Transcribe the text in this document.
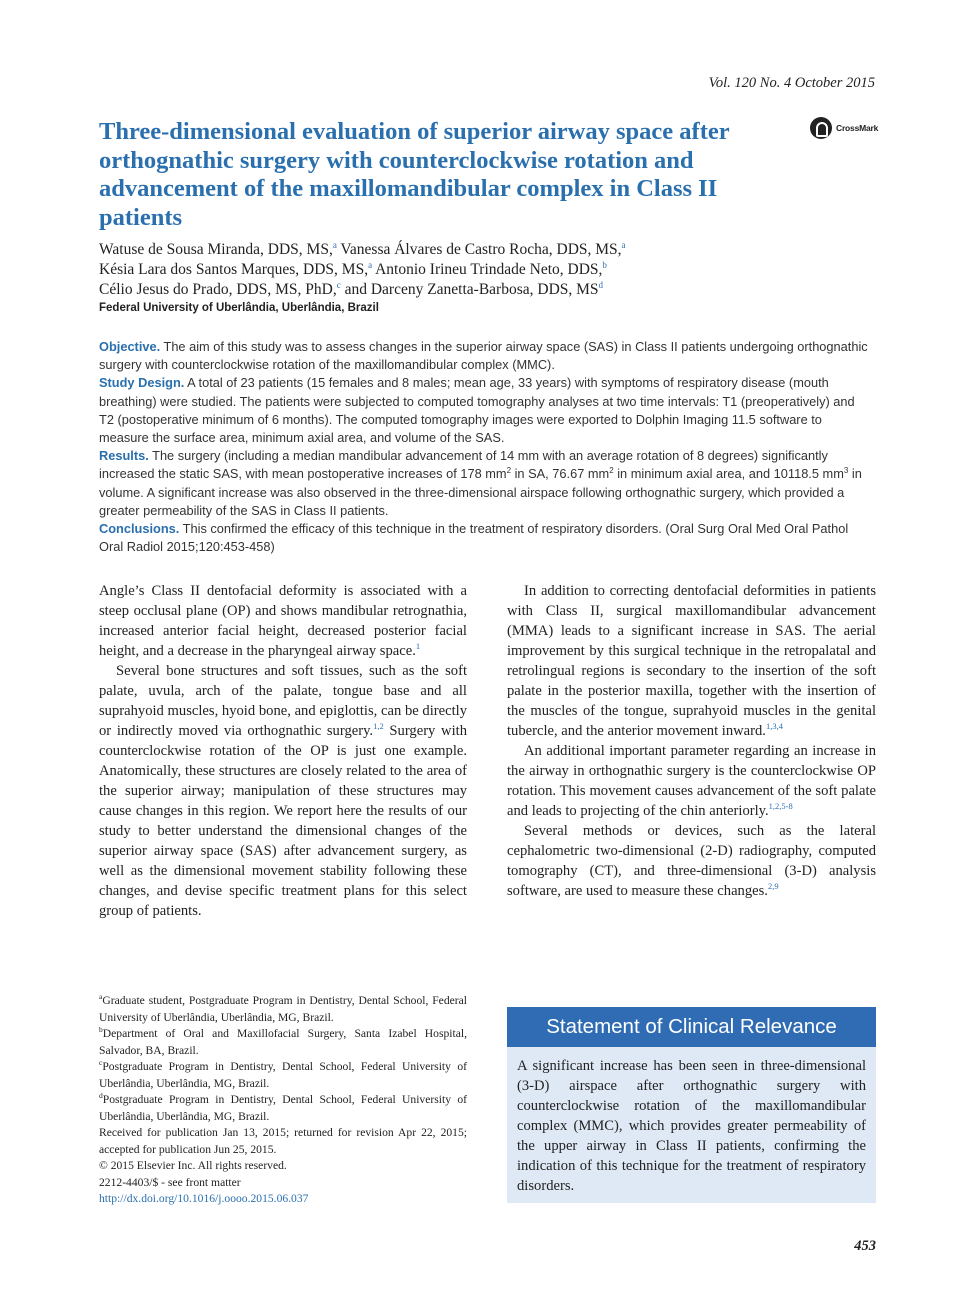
Vol. 120 No. 4 October 2015
Three-dimensional evaluation of superior airway space after orthognathic surgery with counterclockwise rotation and advancement of the maxillomandibular complex in Class II patients
CrossMark
Watuse de Sousa Miranda, DDS, MS,$^a$ Vanessa Álvares de Castro Rocha, DDS, MS,$^a$
Késia Lara dos Santos Marques, DDS, MS,$^a$ Antonio Irineu Trindade Neto, DDS,$^b$
Célio Jesus do Prado, DDS, MS, PhD,$^c$ and Darceny Zanetta-Barbosa, DDS, $MS^d$
Federal University of Uberlândia, Uberlândia, Brazil

Objective. The aim of this study was to assess changes in the superior airway space (SAS) in Class II patients undergoing orthognathic surgery with counterclockwise rotation of the maxillomandibular complex (MMC).

Study Design. A total of 23 patients (15 females and 8 males; mean age, 33 years) with symptoms of respiratory disease (mouth breathing) were studied. The patients were subjected to computed tomography analyses at two time intervals: T1 (preoperatively) and T2 (postoperative minimum of 6 months). The computed tomography images were exported to Dolphin Imaging 11.5 software to measure the surface area, minimum axial area, and volume of the SAS.

Results. The surgery (including a median mandibular advancement of 14 mm with an average rotation of 8 degrees) significantly increased the static SAS, with mean postoperative increases of 178 $mm^2$ in SA, 76.67 $mm^2$ in minimum axial area, and 10118.5 $mm^3$ in volume. A significant increase was also observed in the three-dimensional airspace following orthognathic surgery, which provided a greater permeability of the SAS in Class II patients.

Conclusions. This confirmed the efficacy of this technique in the treatment of respiratory disorders. (Oral Surg Oral Med Oral Pathol Oral Radiol 2015;120:453-458)

Angle’s Class II dentofacial deformity is associated with a steep occlusal plane (OP) and shows mandibular retrognathia, increased anterior facial height, decreased posterior facial height, and a decrease in the pharyngeal airway space.$^1$

Several bone structures and soft tissues, such as the soft palate, uvula, arch of the palate, tongue base and all suprahyoid muscles, hyoid bone, and epiglottis, can be directly or indirectly moved via orthognathic surgery.$^{1,2}$ Surgery with counterclockwise rotation of the OP is just one example. Anatomically, these structures are closely related to the area of the superior airway; manipulation of these structures may cause changes in this region. We report here the results of our study to better understand the dimensional changes of the superior airway space (SAS) after advancement surgery, as well as the dimensional movement stability following these changes, and devise specific treatment plans for this select group of patients.

In addition to correcting dentofacial deformities in patients with Class II, surgical maxillomandibular advancement (MMA) leads to a significant increase in SAS. The aerial improvement by this surgical technique in the retropalatal and retrolingual regions is secondary to the insertion of the soft palate in the posterior maxilla, together with the insertion of the muscles of the tongue, suprahyoid muscles in the genital tubercle, and the anterior movement inward.$^{1,3,4}$

An additional important parameter regarding an increase in the airway in orthognathic surgery is the counterclockwise OP rotation. This movement causes advancement of the soft palate and leads to projecting of the chin anteriorly.$^{1,2,5-8}$

Several methods or devices, such as the lateral cephalometric two-dimensional (2-D) radiography, computed tomography (CT), and three-dimensional (3-D) analysis software, are used to measure these changes.$^{2,9}$

$^a$Graduate student, Postgraduate Program in Dentistry, Dental School, Federal University of Uberlândia, Uberlândia, MG, Brazil.

$^b$Department of Oral and Maxillofacial Surgery, Santa Izabel Hospital, Salvador, BA, Brazil.

$^c$Postgraduate Program in Dentistry, Dental School, Federal University of Uberlândia, Uberlândia, MG, Brazil.

$^d$Postgraduate Program in Dentistry, Dental School, Federal University of Uberlândia, Uberlândia, MG, Brazil.

Received for publication Jan 13, 2015; returned for revision Apr 22, 2015; accepted for publication Jun 25, 2015.

© 2015 Elsevier Inc. All rights reserved.

2212-4403/$ - see front matter

http://dx.doi.org/10.1016/j.oooo.2015.06.037

Statement of Clinical Relevance
A significant increase has been seen in three-dimensional (3-D) airspace after orthognathic surgery with counterclockwise rotation of the maxillomandibular complex (MMC), which provides greater permeability of the upper airway in Class II patients, confirming the indication of this technique for the treatment of respiratory disorders.
453
